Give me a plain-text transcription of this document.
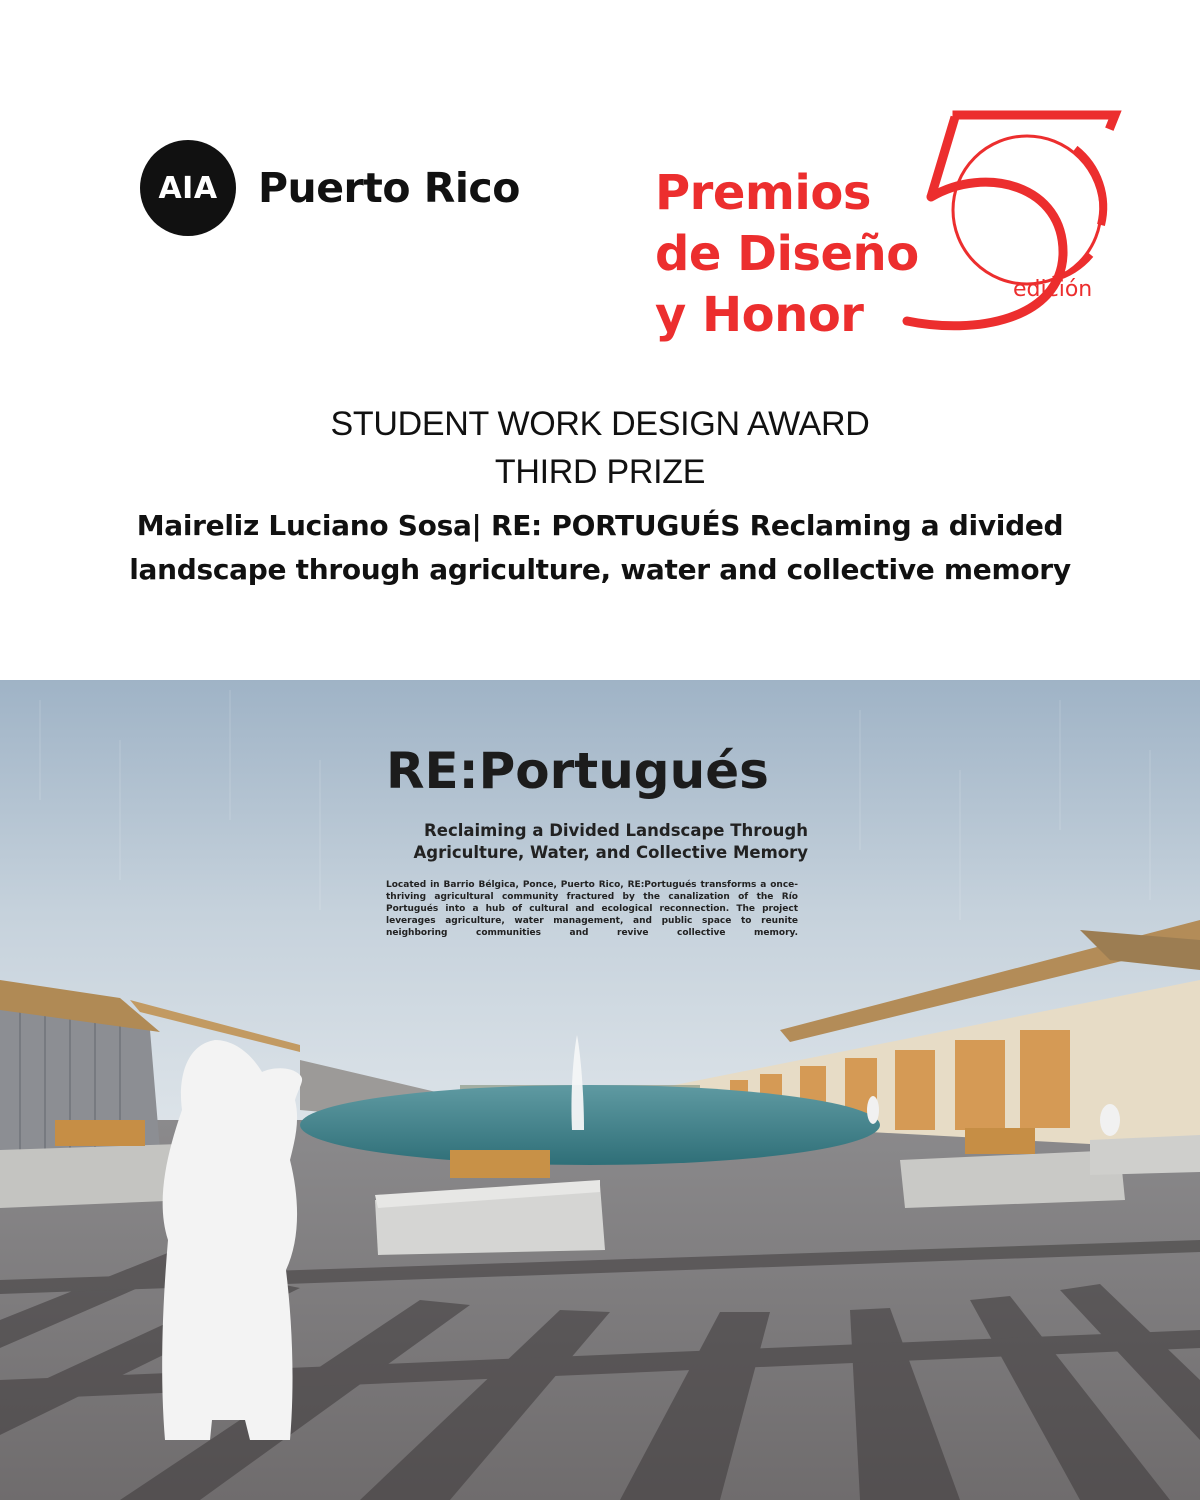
AIA Puerto Rico	Premios
de Diseño
y Honor	edición
STUDENT WORK DESIGN AWARD
THIRD PRIZE
Maireliz Luciano Sosa| RE: PORTUGUÉS Reclaming a divided
landscape through agriculture, water and collective memory
RE:Portugués
Reclaiming a Divided Landscape Through
Agriculture, Water, and Collective Memory
Located in Barrio Bélgica, Ponce, Puerto Rico, RE:Portugués transforms a once-thriving agricultural community fractured by the canalization of the Río Portugués into a hub of cultural and ecological reconnection. The project leverages agriculture, water management, and public space to reunite neighboring communities and revive collective memory.
